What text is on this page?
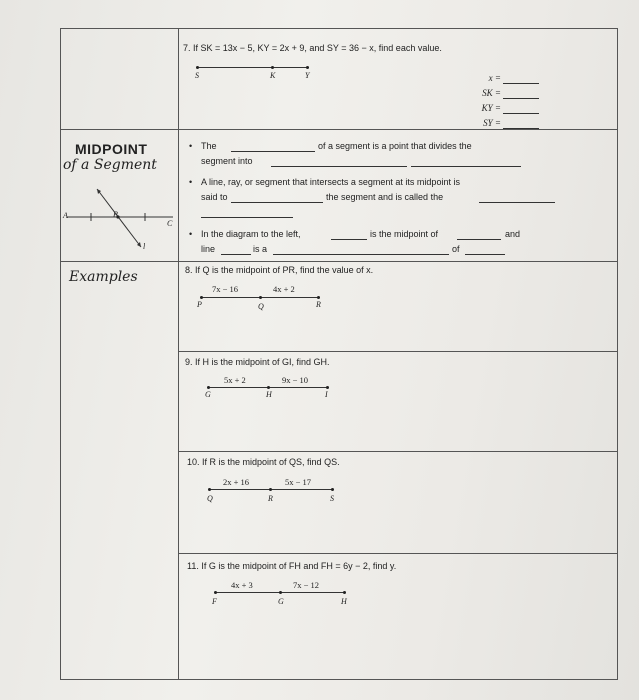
7. If SK = 13x − 5, KY = 2x + 9, and SY = 36 − x, find each value.
S	K	Y	x =
SK =
KY =
SY =
MIDPOINT
of a Segment
A	B
C
l
• The	of a segment is a point that divides the
segment into
• A line, ray, or segment that intersects a segment at its midpoint is
said to	the segment and is called the
• In the diagram to the left,	is the midpoint of	and
line	is a	of
Examples	8. If Q is the midpoint of PR, find the value of x.
7x − 16	4x + 2
P	Q	R
9. If H is the midpoint of GI, find GH.
5x + 2	9x − 10
G	H	I
10. If R is the midpoint of QS, find QS.
2x + 16	5x − 17
Q	R	S
11. If G is the midpoint of FH and FH = 6y − 2, find y.
4x + 3	7x − 12
F	G	H
